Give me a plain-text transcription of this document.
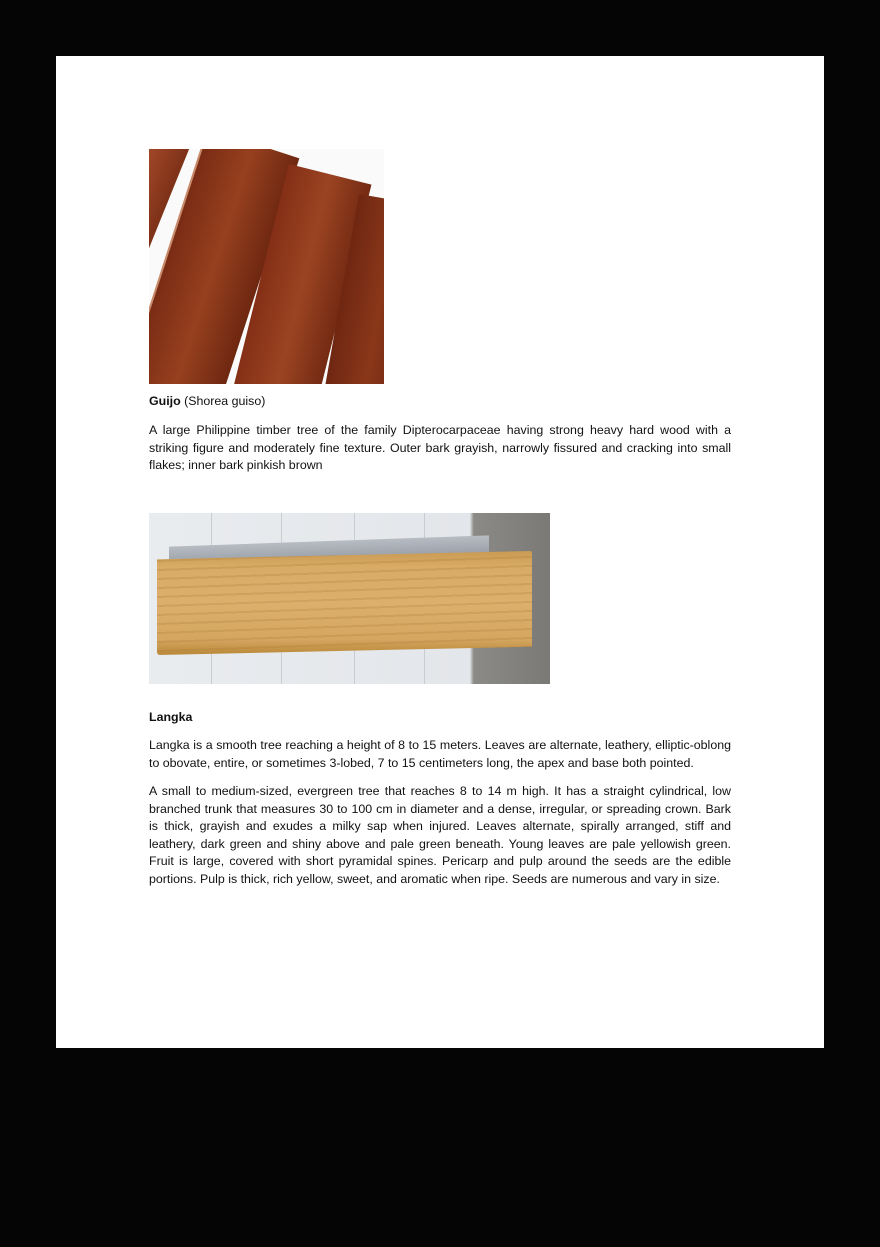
Guijo (Shorea guiso)

A large Philippine timber tree of the family Dipterocarpaceae having strong heavy hard wood with a striking figure and moderately fine texture. Outer bark grayish, narrowly fissured and cracking into small flakes; inner bark pinkish brown

Langka

Langka is a smooth tree reaching a height of 8 to 15 meters. Leaves are alternate, leathery, elliptic-oblong to obovate, entire, or sometimes 3-lobed, 7 to 15 centimeters long, the apex and base both pointed.

A small to medium-sized, evergreen tree that reaches 8 to 14 m high. It has a straight cylindrical, low branched trunk that measures 30 to 100 cm in diameter and a dense, irregular, or spreading crown. Bark is thick, grayish and exudes a milky sap when injured. Leaves alternate, spirally arranged, stiff and leathery, dark green and shiny above and pale green beneath. Young leaves are pale yellowish green. Fruit is large, covered with short pyramidal spines. Pericarp and pulp around the seeds are the edible portions. Pulp is thick, rich yellow, sweet, and aromatic when ripe. Seeds are numerous and vary in size.
